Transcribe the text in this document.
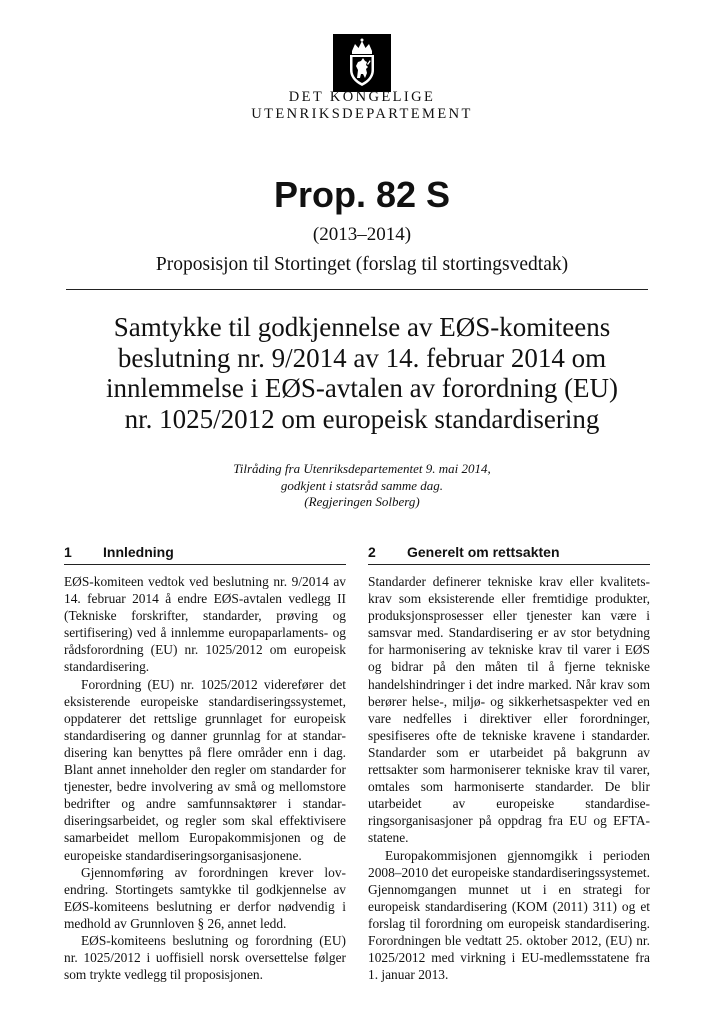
DET KONGELIGE
UTENRIKSDEPARTEMENT
Prop. 82 S
(2013–2014)
Proposisjon til Stortinget (forslag til stortingsvedtak)
Samtykke til godkjennelse av EØS-komiteens
beslutning nr. 9/2014 av 14. februar 2014 om
innlemmelse i EØS-avtalen av forordning (EU)
nr. 1025/2012 om europeisk standardisering
Tilråding fra Utenriksdepartementet 9. mai 2014,
godkjent i statsråd samme dag.
(Regjeringen Solberg)
1 Innledning

EØS-komiteen vedtok ved beslutning nr. 9/2014 av 14. februar 2014 å endre EØS-avtalen vedlegg II (Tekniske forskrifter, standarder, prøving og sertifisering) ved å innlemme europaparlaments- og rådsforordning (EU) nr. 1025/2012 om europeisk standardisering.

Forordning (EU) nr. 1025/2012 viderefører det eksisterende europeiske standardiseringssystemet, oppdaterer det rettslige grunnlaget for europeisk standardisering og danner grunnlag for at standardisering kan benyttes på flere områder enn i dag. Blant annet inneholder den regler om standarder for tjenester, bedre involvering av små og mellomstore bedrifter og andre samfunnsaktører i standardiseringsarbeidet, og regler som skal effektivisere samarbeidet mellom Europakommisjonen og de europeiske standardiseringsorganisasjonene.

Gjennomføring av forordningen krever lovendring. Stortingets samtykke til godkjennelse av EØS-komiteens beslutning er derfor nødvendig i medhold av Grunnloven § 26, annet ledd.

EØS-komiteens beslutning og forordning (EU) nr. 1025/2012 i uoffisiell norsk oversettelse følger som trykte vedlegg til proposisjonen.

2 Generelt om rettsakten

Standarder definerer tekniske krav eller kvalitetskrav som eksisterende eller fremtidige produkter, produksjonsprosesser eller tjenester kan være i samsvar med. Standardisering er av stor betydning for harmonisering av tekniske krav til varer i EØS og bidrar på den måten til å fjerne tekniske handelshindringer i det indre marked. Når krav som berører helse-, miljø- og sikkerhetsaspekter ved en vare nedfelles i direktiver eller forordninger, spesifiseres ofte de tekniske kravene i standarder. Standarder som er utarbeidet på bakgrunn av rettsakter som harmoniserer tekniske krav til varer, omtales som harmoniserte standarder. De blir utarbeidet av europeiske standardiseringsorganisasjoner på oppdrag fra EU og EFTA-statene.

Europakommisjonen gjennomgikk i perioden 2008–2010 det europeiske standardiseringssystemet. Gjennomgangen munnet ut i en strategi for europeisk standardisering (KOM (2011) 311) og et forslag til forordning om europeisk standardisering. Forordningen ble vedtatt 25. oktober 2012, (EU) nr. 1025/2012 med virkning i EU-medlemsstatene fra 1. januar 2013.
